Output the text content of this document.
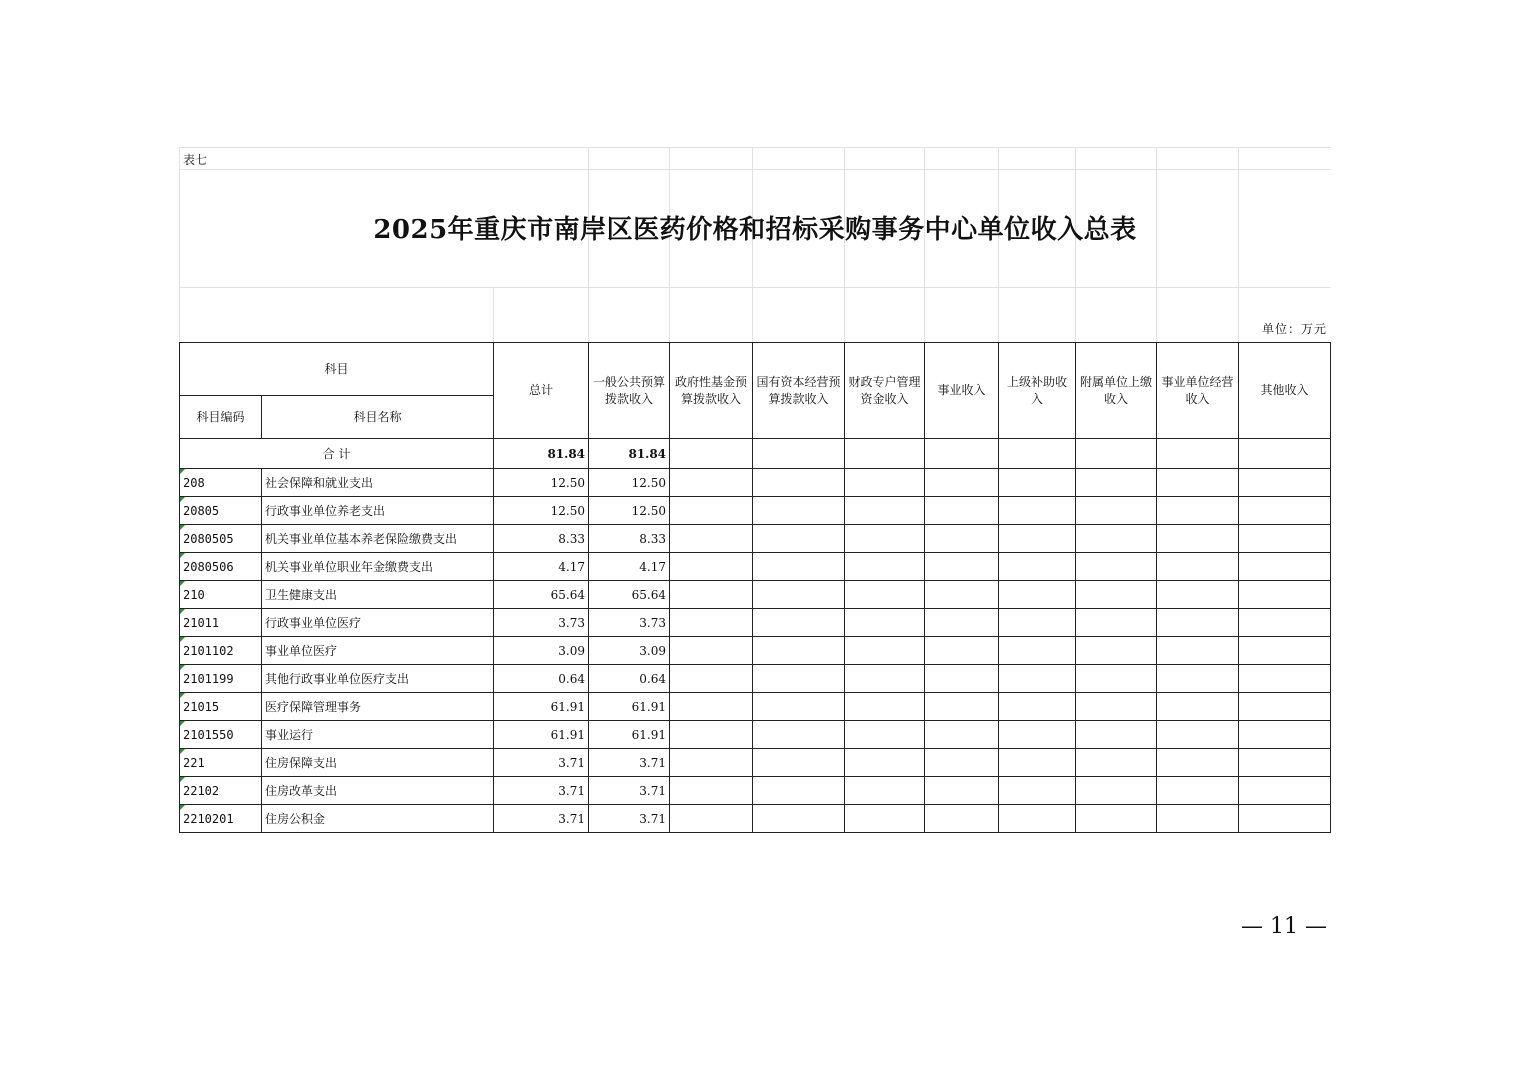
表七
2025年重庆市南岸区医药价格和招标采购事务中心单位收入总表
单位：万元
科目		总计	一般公共预算拨款收入	政府性基金预算拨款收入	国有资本经营预算拨款收入	财政专户管理资金收入	事业收入	上级补助收入	附属单位上缴收入	事业单位经营收入	其他收入
科目编码	科目名称										
合 计		81.84	81.84								
208	社会保障和就业支出	12.50	12.50								
20805	行政事业单位养老支出	12.50	12.50								
2080505	机关事业单位基本养老保险缴费支出	8.33	8.33								
2080506	机关事业单位职业年金缴费支出	4.17	4.17								
210	卫生健康支出	65.64	65.64								
21011	行政事业单位医疗	3.73	3.73								
2101102	事业单位医疗	3.09	3.09								
2101199	其他行政事业单位医疗支出	0.64	0.64								
21015	医疗保障管理事务	61.91	61.91								
2101550	事业运行	61.91	61.91								
221	住房保障支出	3.71	3.71								
22102	住房改革支出	3.71	3.71								
2210201	住房公积金	3.71	3.71								
— 11 —
